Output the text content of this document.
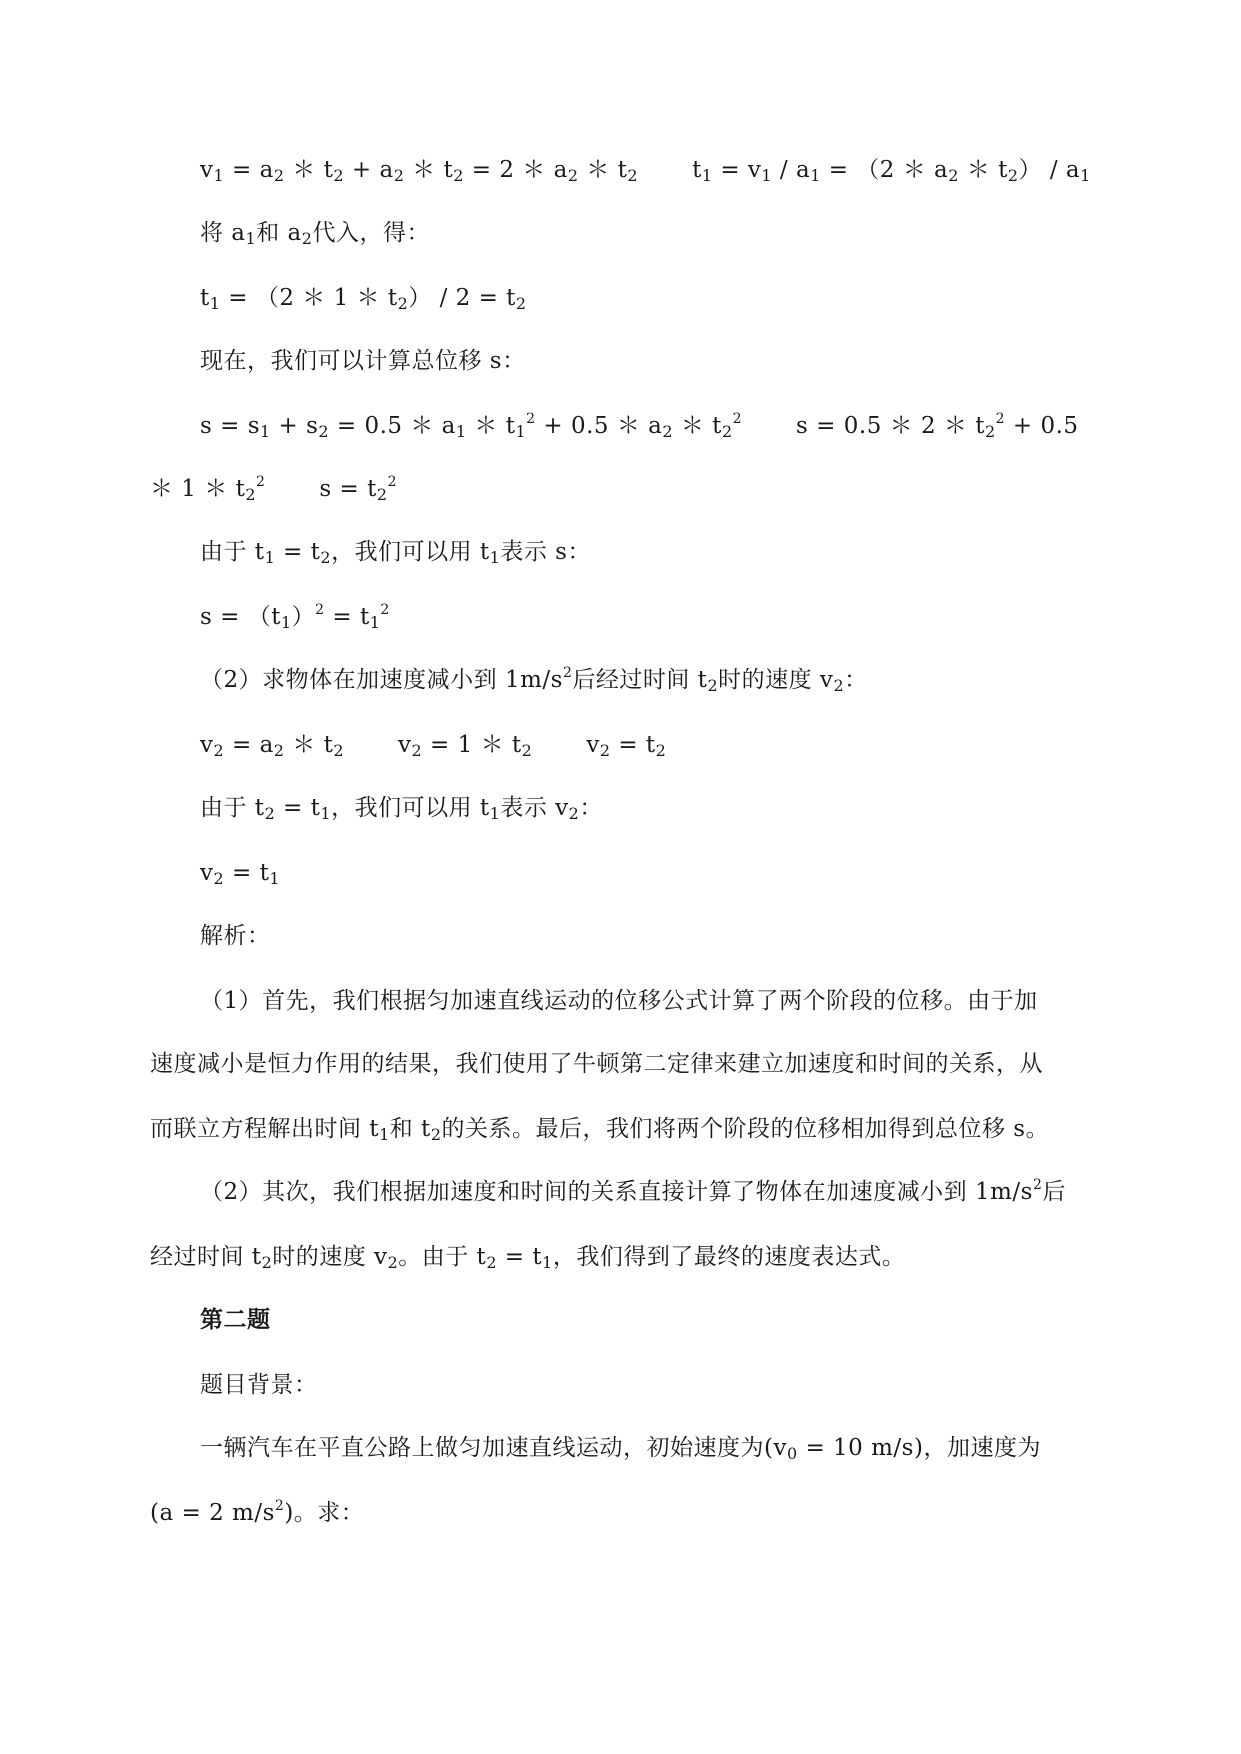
$v_1 = a_2$ ＊ $t_2 + a_2$ ＊ $t_2 = 2$ ＊ $a_2$ ＊ $t_2$ $t_1 = v_1 / a_1 = (2$ ＊ $a_2$ ＊ $t_2) / a_1$
将 $a_1$和 $a_2$代入，得：
$t_1 = (2$ ＊ 1 ＊ $t_2) / 2 = t_2$
现在，我们可以计算总位移 s：
$s = s_1 + s_2 = 0.5$ ＊ $a_1$ ＊ $t_1^2 + 0.5$ ＊ $a_2$ ＊ $t_2^2$ s = 0.5 ＊ 2 ＊ $t_2^2 + 0.5$
＊ 1 ＊ $t_2^2$ $s = t_2^2$
由于 $t_1 = t_2$，我们可以用 $t_1$表示 s：
$s = (t_1)^2 = t_1^2$
（2）求物体在加速度减小到 $1m/s^2$后经过时间 $t_2$时的速度 $v_2$：
$v_2 = a_2$ ＊ $t_2$ $v_2 = 1$ ＊ $t_2$ $v_2 = t_2$
由于 $t_2 = t_1$，我们可以用 $t_1$表示 $v_2$：
$v_2 = t_1$
解析：
（1）首先，我们根据匀加速直线运动的位移公式计算了两个阶段的位移。由于加
速度减小是恒力作用的结果，我们使用了牛顿第二定律来建立加速度和时间的关系，从
而联立方程解出时间 $t_1$和 $t_2$的关系。最后，我们将两个阶段的位移相加得到总位移 s。
（2）其次，我们根据加速度和时间的关系直接计算了物体在加速度减小到 $1m/s^2$后
经过时间 $t_2$时的速度 $v_2$。由于 $t_2 = t_1$，我们得到了最终的速度表达式。
第二题
题目背景：
一辆汽车在平直公路上做匀加速直线运动，初始速度为($v_0 = 10$ m/s)，加速度为
(a = 2 $m/s^2$)。求：
